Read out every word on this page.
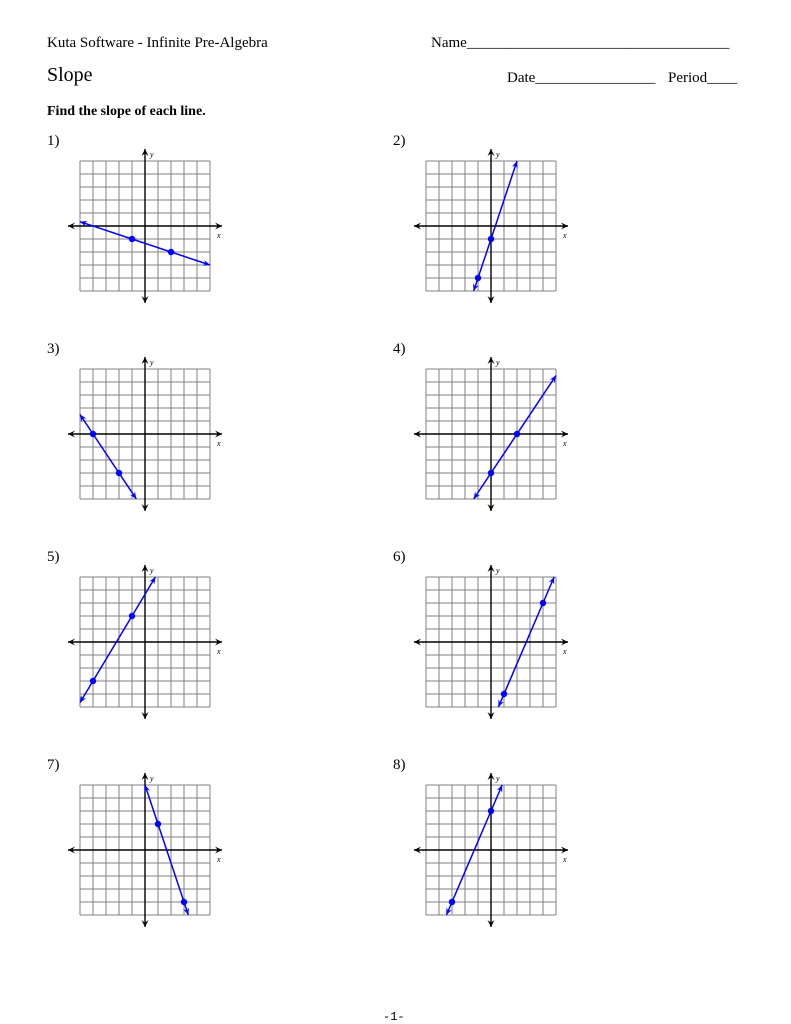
Kuta Software - Infinite Pre-Algebra	Name___________________________________
Slope	Date________________ Period____
Find the slope of each line.
1)
x
y
2)
x
y
3)
x
y
4)
x
y
5)
x
y
6)
x
y
7)
x
y
8)
x
y
-1-
